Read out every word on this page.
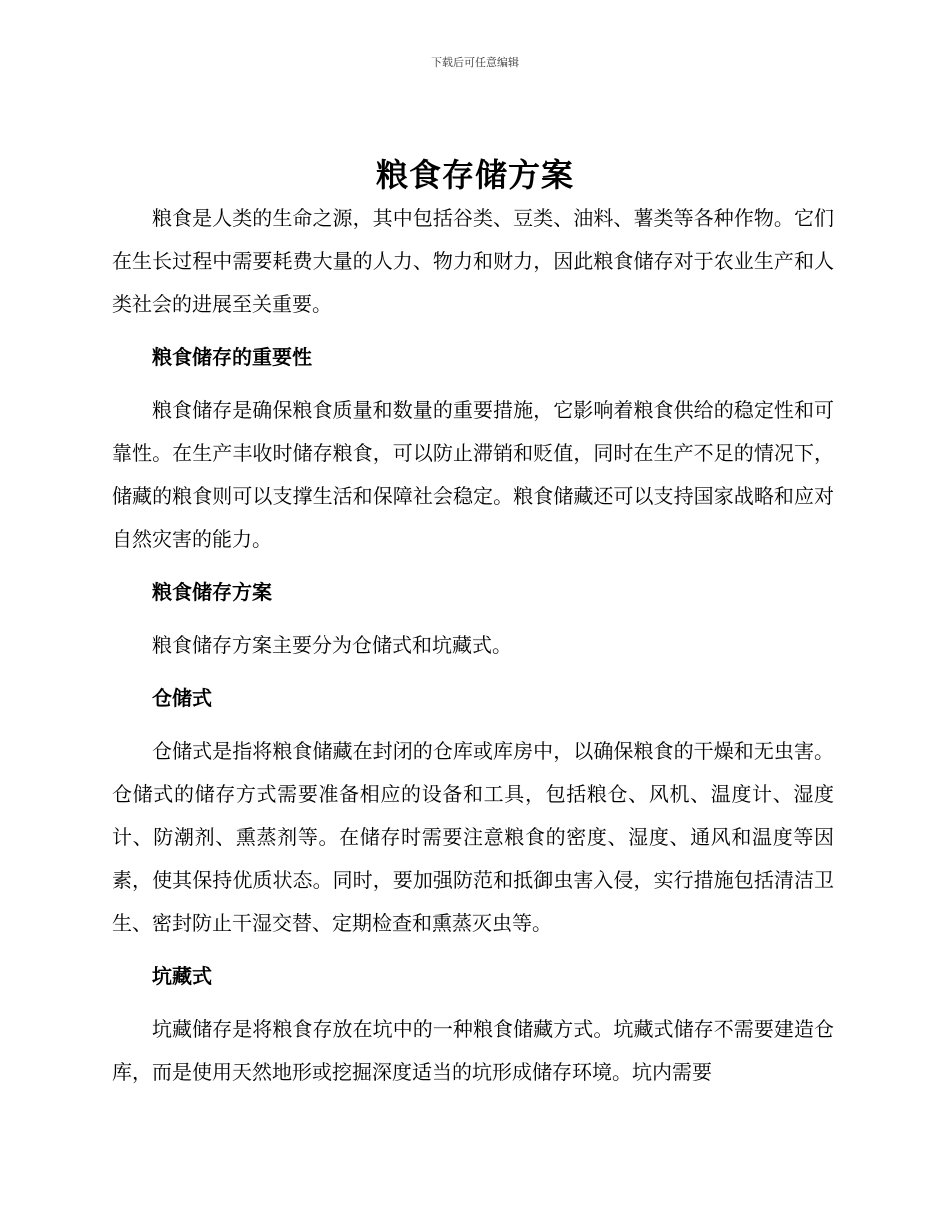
下载后可任意编辑
粮食存储方案

粮食是人类的生命之源，其中包括谷类、豆类、油料、薯类等各种作物。它们在生长过程中需要耗费大量的人力、物力和财力，因此粮食储存对于农业生产和人类社会的进展至关重要。

粮食储存的重要性

粮食储存是确保粮食质量和数量的重要措施，它影响着粮食供给的稳定性和可靠性。在生产丰收时储存粮食，可以防止滞销和贬值，同时在生产不足的情况下，储藏的粮食则可以支撑生活和保障社会稳定。粮食储藏还可以支持国家战略和应对自然灾害的能力。

粮食储存方案

粮食储存方案主要分为仓储式和坑藏式。

仓储式

仓储式是指将粮食储藏在封闭的仓库或库房中，以确保粮食的干燥和无虫害。仓储式的储存方式需要准备相应的设备和工具，包括粮仓、风机、温度计、湿度计、防潮剂、熏蒸剂等。在储存时需要注意粮食的密度、湿度、通风和温度等因素，使其保持优质状态。同时，要加强防范和抵御虫害入侵，实行措施包括清洁卫生、密封防止干湿交替、定期检查和熏蒸灭虫等。

坑藏式

坑藏储存是将粮食存放在坑中的一种粮食储藏方式。坑藏式储存不需要建造仓库，而是使用天然地形或挖掘深度适当的坑形成储存环境。坑内需要
